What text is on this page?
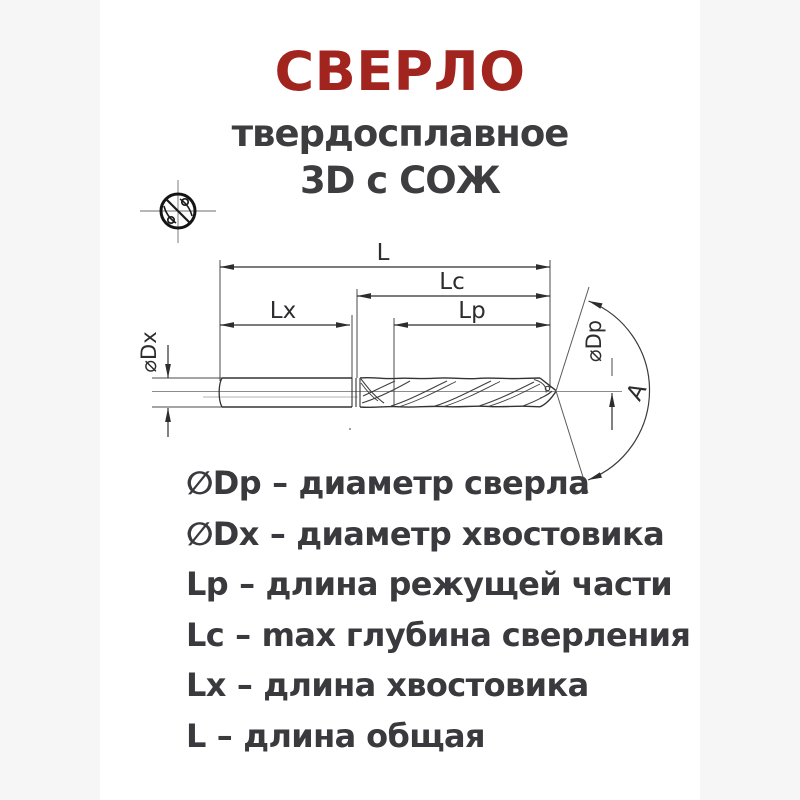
СВЕРЛО
твердосплавное
3D с СОЖ
L
Lc
Lx	Lp
⌀Dx
A
⌀Dp
∅Dp – диаметр сверла
∅Dx – диаметр хвостовика
Lp – длина режущей части
Lc – max глубина сверления
Lx – длина хвостовика
L – длина общая
